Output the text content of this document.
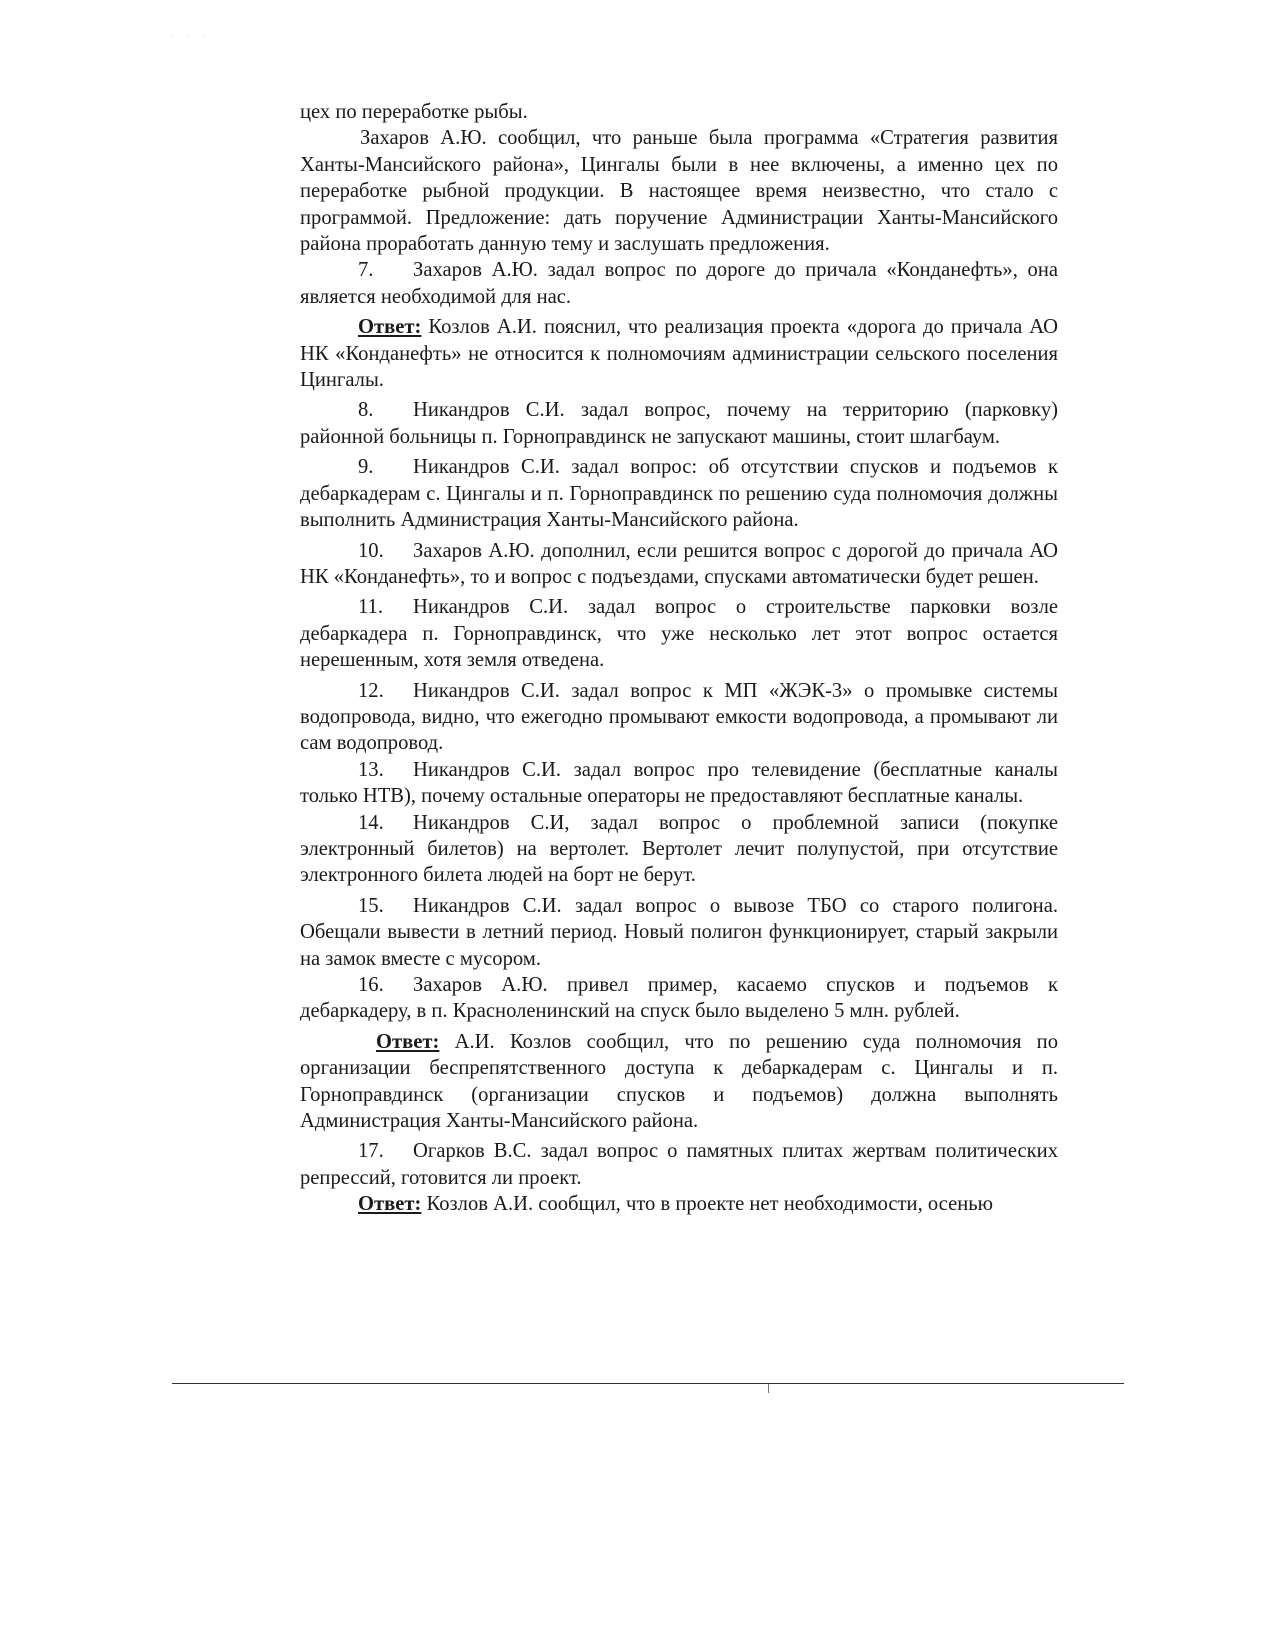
· · ·

цех по переработке рыбы.

Захаров А.Ю. сообщил, что раньше была программа «Стратегия развития Ханты-Мансийского района», Цингалы были в нее включены, а именно цех по переработке рыбной продукции. В настоящее время неизвестно, что стало с программой. Предложение: дать поручение Администрации Ханты-Мансийского района проработать данную тему и заслушать предложения.

7. Захаров А.Ю. задал вопрос по дороге до причала «Конданефть», она является необходимой для нас.

Ответ: Козлов А.И. пояснил, что реализация проекта «дорога до причала АО НК «Конданефть» не относится к полномочиям администрации сельского поселения Цингалы.

8. Никандров С.И. задал вопрос, почему на территорию (парковку) районной больницы п. Горноправдинск не запускают машины, стоит шлагбаум.

9. Никандров С.И. задал вопрос: об отсутствии спусков и подъемов к дебаркадерам с. Цингалы и п. Горноправдинск по решению суда полномочия должны выполнить Администрация Ханты-Мансийского района.

10. Захаров А.Ю. дополнил, если решится вопрос с дорогой до причала АО НК «Конданефть», то и вопрос с подъездами, спусками автоматически будет решен.

11. Никандров С.И. задал вопрос о строительстве парковки возле дебаркадера п. Горноправдинск, что уже несколько лет этот вопрос остается нерешенным, хотя земля отведена.

12. Никандров С.И. задал вопрос к МП «ЖЭК-3» о промывке системы водопровода, видно, что ежегодно промывают емкости водопровода, а промывают ли сам водопровод.

13. Никандров С.И. задал вопрос про телевидение (бесплатные каналы только НТВ), почему остальные операторы не предоставляют бесплатные каналы.

14. Никандров С.И, задал вопрос о проблемной записи (покупке электронный билетов) на вертолет. Вертолет лечит полупустой, при отсутствие электронного билета людей на борт не берут.

15. Никандров С.И. задал вопрос о вывозе ТБО со старого полигона. Обещали вывести в летний период. Новый полигон функционирует, старый закрыли на замок вместе с мусором.

16. Захаров А.Ю. привел пример, касаемо спусков и подъемов к дебаркадеру, в п. Красноленинский на спуск было выделено 5 млн. рублей.

Ответ: А.И. Козлов сообщил, что по решению суда полномочия по организации беспрепятственного доступа к дебаркадерам с. Цингалы и п. Горноправдинск (организации спусков и подъемов) должна выполнять Администрация Ханты-Мансийского района.

17. Огарков В.С. задал вопрос о памятных плитах жертвам политических репрессий, готовится ли проект.

Ответ: Козлов А.И. сообщил, что в проекте нет необходимости, осенью
